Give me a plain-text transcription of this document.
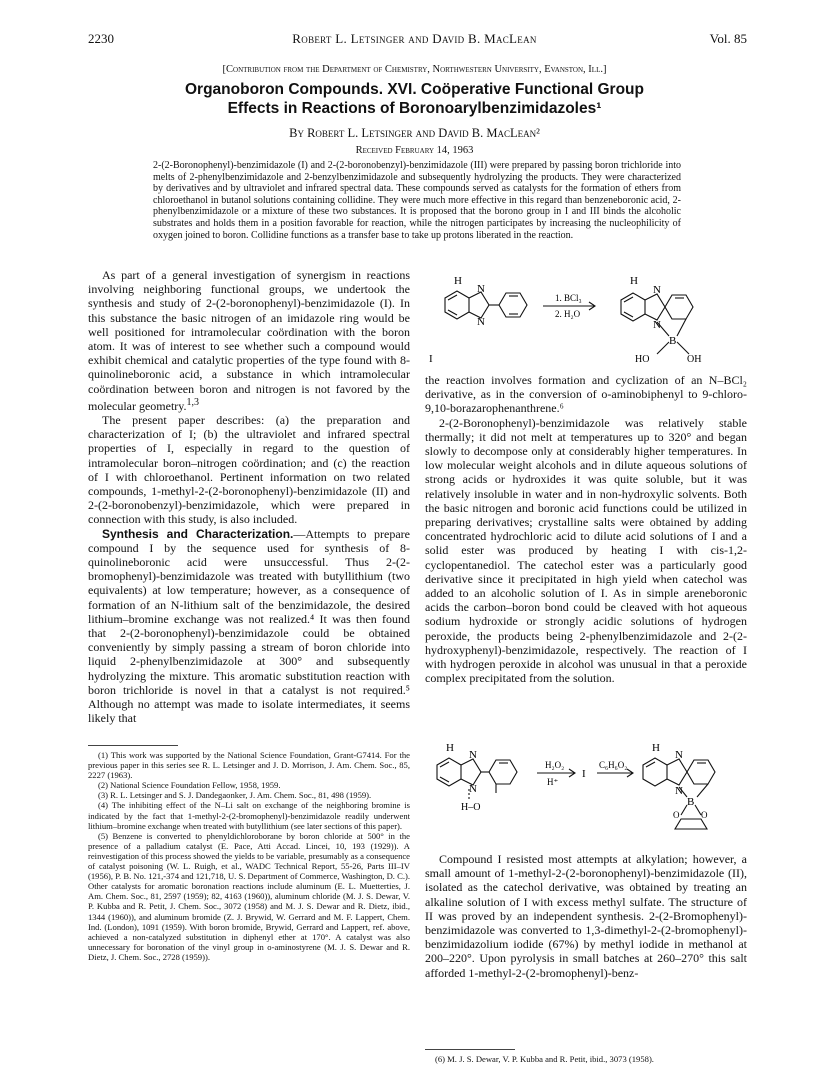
2230	Robert L. Letsinger and David B. MacLean	Vol. 85
[Contribution from the Department of Chemistry, Northwestern University, Evanston, Ill.]
Organoboron Compounds. XVI. Coöperative Functional Group
Effects in Reactions of Boronoarylbenzimidazoles¹
By Robert L. Letsinger and David B. MacLean²
Received February 14, 1963
2-(2-Boronophenyl)-benzimidazole (I) and 2-(2-boronobenzyl)-benzimidazole (III) were prepared by passing boron trichloride into melts of 2-phenylbenzimidazole and 2-benzylbenzimidazole and subsequently hydrolyzing the products. They were characterized by derivatives and by ultraviolet and infrared spectral data. These compounds served as catalysts for the formation of ethers from chloroethanol in butanol solutions containing collidine. They were much more effective in this regard than benzeneboronic acid, 2-phenylbenzimidazole or a mixture of these two substances. It is proposed that the borono group in I and III binds the alcoholic substrates and holds them in a position favorable for reaction, while the nitrogen participates by increasing the nucleophilicity of oxygen joined to boron. Collidine functions as a transfer base to take up protons liberated in the reaction.

As part of a general investigation of synergism in reactions involving neighboring functional groups, we undertook the synthesis and study of 2-(2-boronophenyl)-benzimidazole (I). In this substance the basic nitrogen of an imidazole ring would be well positioned for intramolecular coördination with the boron atom. It was of interest to see whether such a compound would exhibit chemical and catalytic properties of the type found with 8-quinolineboronic acid, a substance in which intramolecular coördination between boron and nitrogen is not favored by the molecular geometry.$^{1,3}$

The present paper describes: (a) the preparation and characterization of I; (b) the ultraviolet and infrared spectral properties of I, especially in regard to the question of intramolecular boron–nitrogen coördination; and (c) the reaction of I with chloroethanol. Pertinent information on two related compounds, 1-methyl-2-(2-boronophenyl)-benzimidazole (II) and 2-(2-boronobenzyl)-benzimidazole, which were prepared in connection with this study, is also included.

Synthesis and Characterization.—Attempts to prepare compound I by the sequence used for synthesis of 8-quinolineboronic acid were unsuccessful. Thus 2-(2-bromophenyl)-benzimidazole was treated with butyllithium (two equivalents) at low temperature; however, as a consequence of formation of an N-lithium salt of the benzimidazole, the desired lithium–bromine exchange was not realized.⁴ It was then found that 2-(2-boronophenyl)-benzimidazole could be obtained conveniently by simply passing a stream of boron chloride into liquid 2-phenylbenzimidazole at 300° and subsequently hydrolyzing the mixture. This aromatic substitution reaction with boron trichloride is novel in that a catalyst is not required.⁵ Although no attempt was made to isolate intermediates, it seems likely that

(1) This work was supported by the National Science Foundation, Grant-G7414. For the previous paper in this series see R. L. Letsinger and J. D. Morrison, J. Am. Chem. Soc., 85, 2227 (1963).

(2) National Science Foundation Fellow, 1958, 1959.

(3) R. L. Letsinger and S. J. Dandegaonker, J. Am. Chem. Soc., 81, 498 (1959).

(4) The inhibiting effect of the N–Li salt on exchange of the neighboring bromine is indicated by the fact that 1-methyl-2-(2-bromophenyl)-benzimidazole readily underwent lithium–bromine exchange when treated with butyllithium (see later sections of this paper).

(5) Benzene is converted to phenyldichloroborane by boron chloride at 500° in the presence of a palladium catalyst (E. Pace, Atti Accad. Lincei, 10, 193 (1929)). A reinvestigation of this process showed the yields to be variable, presumably as a consequence of catalyst poisoning (W. L. Ruigh, et al., WADC Technical Report, 55-26, Parts III–IV (1956), P. B. No. 121,-374 and 121,718, U. S. Department of Commerce, Washington, D. C.). Other catalysts for aromatic boronation reactions include aluminum (E. L. Muetterties, J. Am. Chem. Soc., 81, 2597 (1959); 82, 4163 (1960)), aluminum chloride (M. J. S. Dewar, V. P. Kubba and R. Petit, J. Chem. Soc., 3072 (1958) and M. J. S. Dewar and R. Dietz, ibid., 1344 (1960)), and aluminum bromide (Z. J. Brywid, W. Gerrard and M. F. Lappert, Chem. Ind. (London), 1091 (1959). With boron bromide, Brywid, Gerrard and Lappert, ref. above, achieved a non-catalyzed substitution in diphenyl ether at 170°. A catalyst was also unnecessary for boronation of the vinyl group in o-aminostyrene (M. J. S. Dewar and R. Dietz, J. Chem. Soc., 2728 (1959)).

H
N
N
1. BCl₃
2. H₂O
H
N
N
B
HO	OH
I

the reaction involves formation and cyclization of an N–BCl₂ derivative, as in the conversion of o-aminobiphenyl to 9-chloro-9,10-borazarophenanthrene.⁶

2-(2-Boronophenyl)-benzimidazole was relatively stable thermally; it did not melt at temperatures up to 320° and began slowly to decompose only at considerably higher temperatures. In low molecular weight alcohols and in dilute aqueous solutions of strong acids or hydroxides it was quite soluble, but it was relatively insoluble in water and in non-hydroxylic solvents. Both the basic nitrogen and boronic acid functions could be utilized in preparing derivatives; crystalline salts were obtained by adding concentrated hydrochloric acid to dilute acid solutions of I and a solid ester was produced by heating I with cis-1,2-cyclopentanediol. The catechol ester was a particularly good derivative since it precipitated in high yield when catechol was added to an alcoholic solution of I. As in simple areneboronic acids the carbon–boron bond could be cleaved with hot aqueous sodium hydroxide or strongly acidic solutions of hydrogen peroxide, the products being 2-phenylbenzimidazole and 2-(2-hydroxyphenyl)-benzimidazole, respectively. The reaction of I with hydrogen peroxide in alcohol was unusual in that a peroxide complex precipitated from the solution.

H
N
N
H–O
H₂O₂
H⁺
I
C₆H₆O₂
H
N
N
B
O O

Compound I resisted most attempts at alkylation; however, a small amount of 1-methyl-2-(2-boronophenyl)-benzimidazole (II), isolated as the catechol derivative, was obtained by treating an alkaline solution of I with excess methyl sulfate. The structure of II was proved by an independent synthesis. 2-(2-Bromophenyl)-benzimidazole was converted to 1,3-dimethyl-2-(2-bromophenyl)-benzimidazolium iodide (67%) by methyl iodide in methanol at 200–220°. Upon pyrolysis in small batches at 260–270° this salt afforded 1-methyl-2-(2-bromophenyl)-benz-

(6) M. J. S. Dewar, V. P. Kubba and R. Petit, ibid., 3073 (1958).
